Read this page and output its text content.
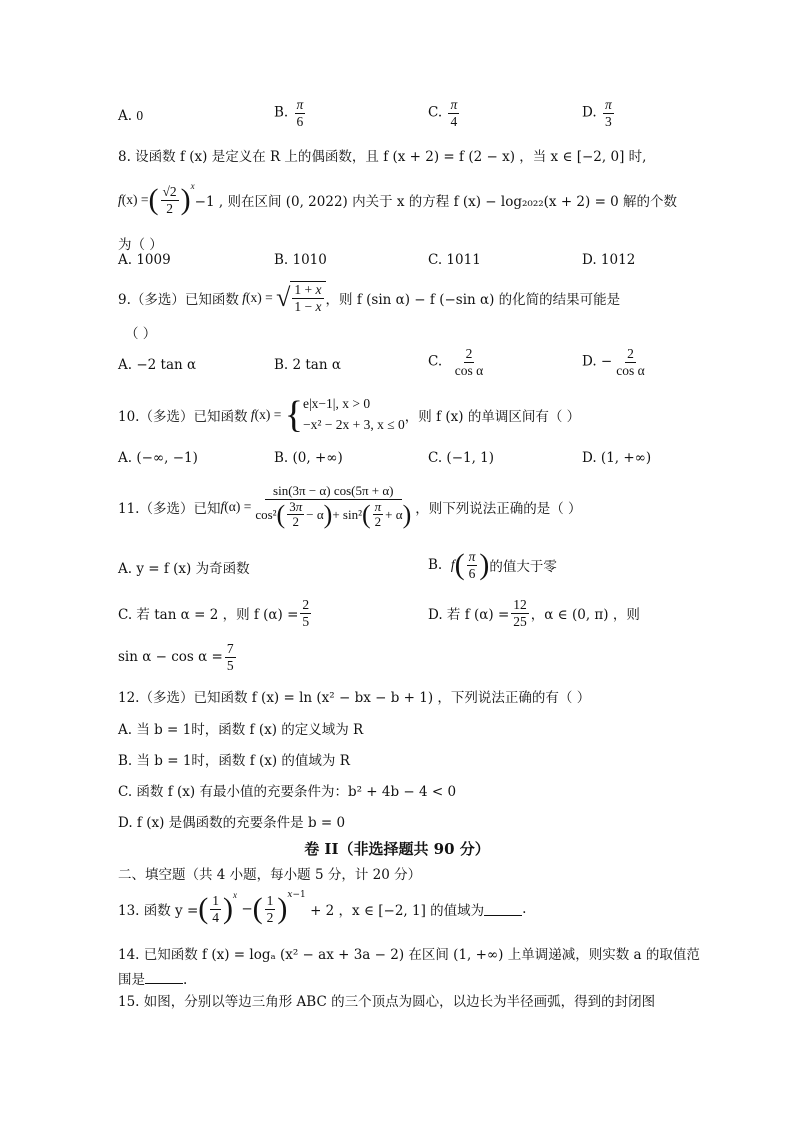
A. 0	B. $\frac{\pi}{6}$	C. $\frac{\pi}{4}$	D. $\frac{\pi}{3}$
8. 设函数 f (x) 是定义在 R 上的偶函数，且 f (x + 2) = f (2 − x) ，当 x ∈ [−2, 0] 时,
f (x) = ( $\frac{√2}{2} )^x$
−1 , 则在区间 (0, 2022) 内关于 x 的方程 f (x) − log₂₀₂₂(x + 2) = 0 解的个数
为（ ）
A. 1009	B. 1010	C. 1011	D. 1012
9.（多选）已知函数 f (x) = √ $\frac{1 + x}{1 - x}$ ，则 f (sin α) − f (−sin α) 的化简的结果可能是
（ ）
A. −2 tan α	B. 2 tan α	C. $\frac{2}{\text{cos α}}$	D. − $\frac{2}{\text{cos α}}$
10.（多选）已知函数 f (x) = { e|x−1|, x > 0
−x² − 2x + 3, x ≤ 0 ，则 f (x) 的单调区间有（ ）
A. (−∞, −1)	B. (0, +∞)	C. (−1, 1)	D. (1, +∞)
11.（多选）已知 f $(\alpha) = \frac{\sin(3\pi - \alpha) \cos(5\pi + \alpha)}{\cos^2 ( \frac{3\pi}{2} - \alpha ) + \sin^2 ( \frac{\pi}{2} + \alpha )}$ ，则下列说法正确的是（ ）
A. y = f (x) 为奇函数	B.
f ( $\frac{\pi}{6}$ ) 的值大于零
C. 若 tan α = 2 ，则 f $(\alpha) = \frac{2}{5}$	D. 若 f $(\alpha) = \frac{12}{25}$ ，α ∈ (0, π) ，则
$\sin \alpha - \cos \alpha = \frac{7}{5}$
12.（多选）已知函数 f (x) = ln (x² − bx − b + 1) ，下列说法正确的有（ ）
A. 当 b = 1时，函数 f (x) 的定义域为 R
B. 当 b = 1时，函数 f (x) 的值域为 R
C. 函数 f (x) 有最小值的充要条件为：b² + 4b − 4 < 0
D. f (x) 是偶函数的充要条件是 b = 0
卷 II（非选择题共 90 分）
二、填空题（共 4 小题，每小题 5 分，计 20 分）
13. 函数 y = ( $\frac{1}{4} )^x$
− ( $\frac{1}{2}$ ) $^{x-1}$

+ 2 ，x ∈ [−2, 1] 的值域为	.
14. 已知函数 f (x) = logₐ (x² − ax + 3a − 2) 在区间 (1, +∞) 上单调递减，则实数 a 的取值范
围是	.
15. 如图，分别以等边三角形 ABC 的三个顶点为圆心，以边长为半径画弧，得到的封闭图
